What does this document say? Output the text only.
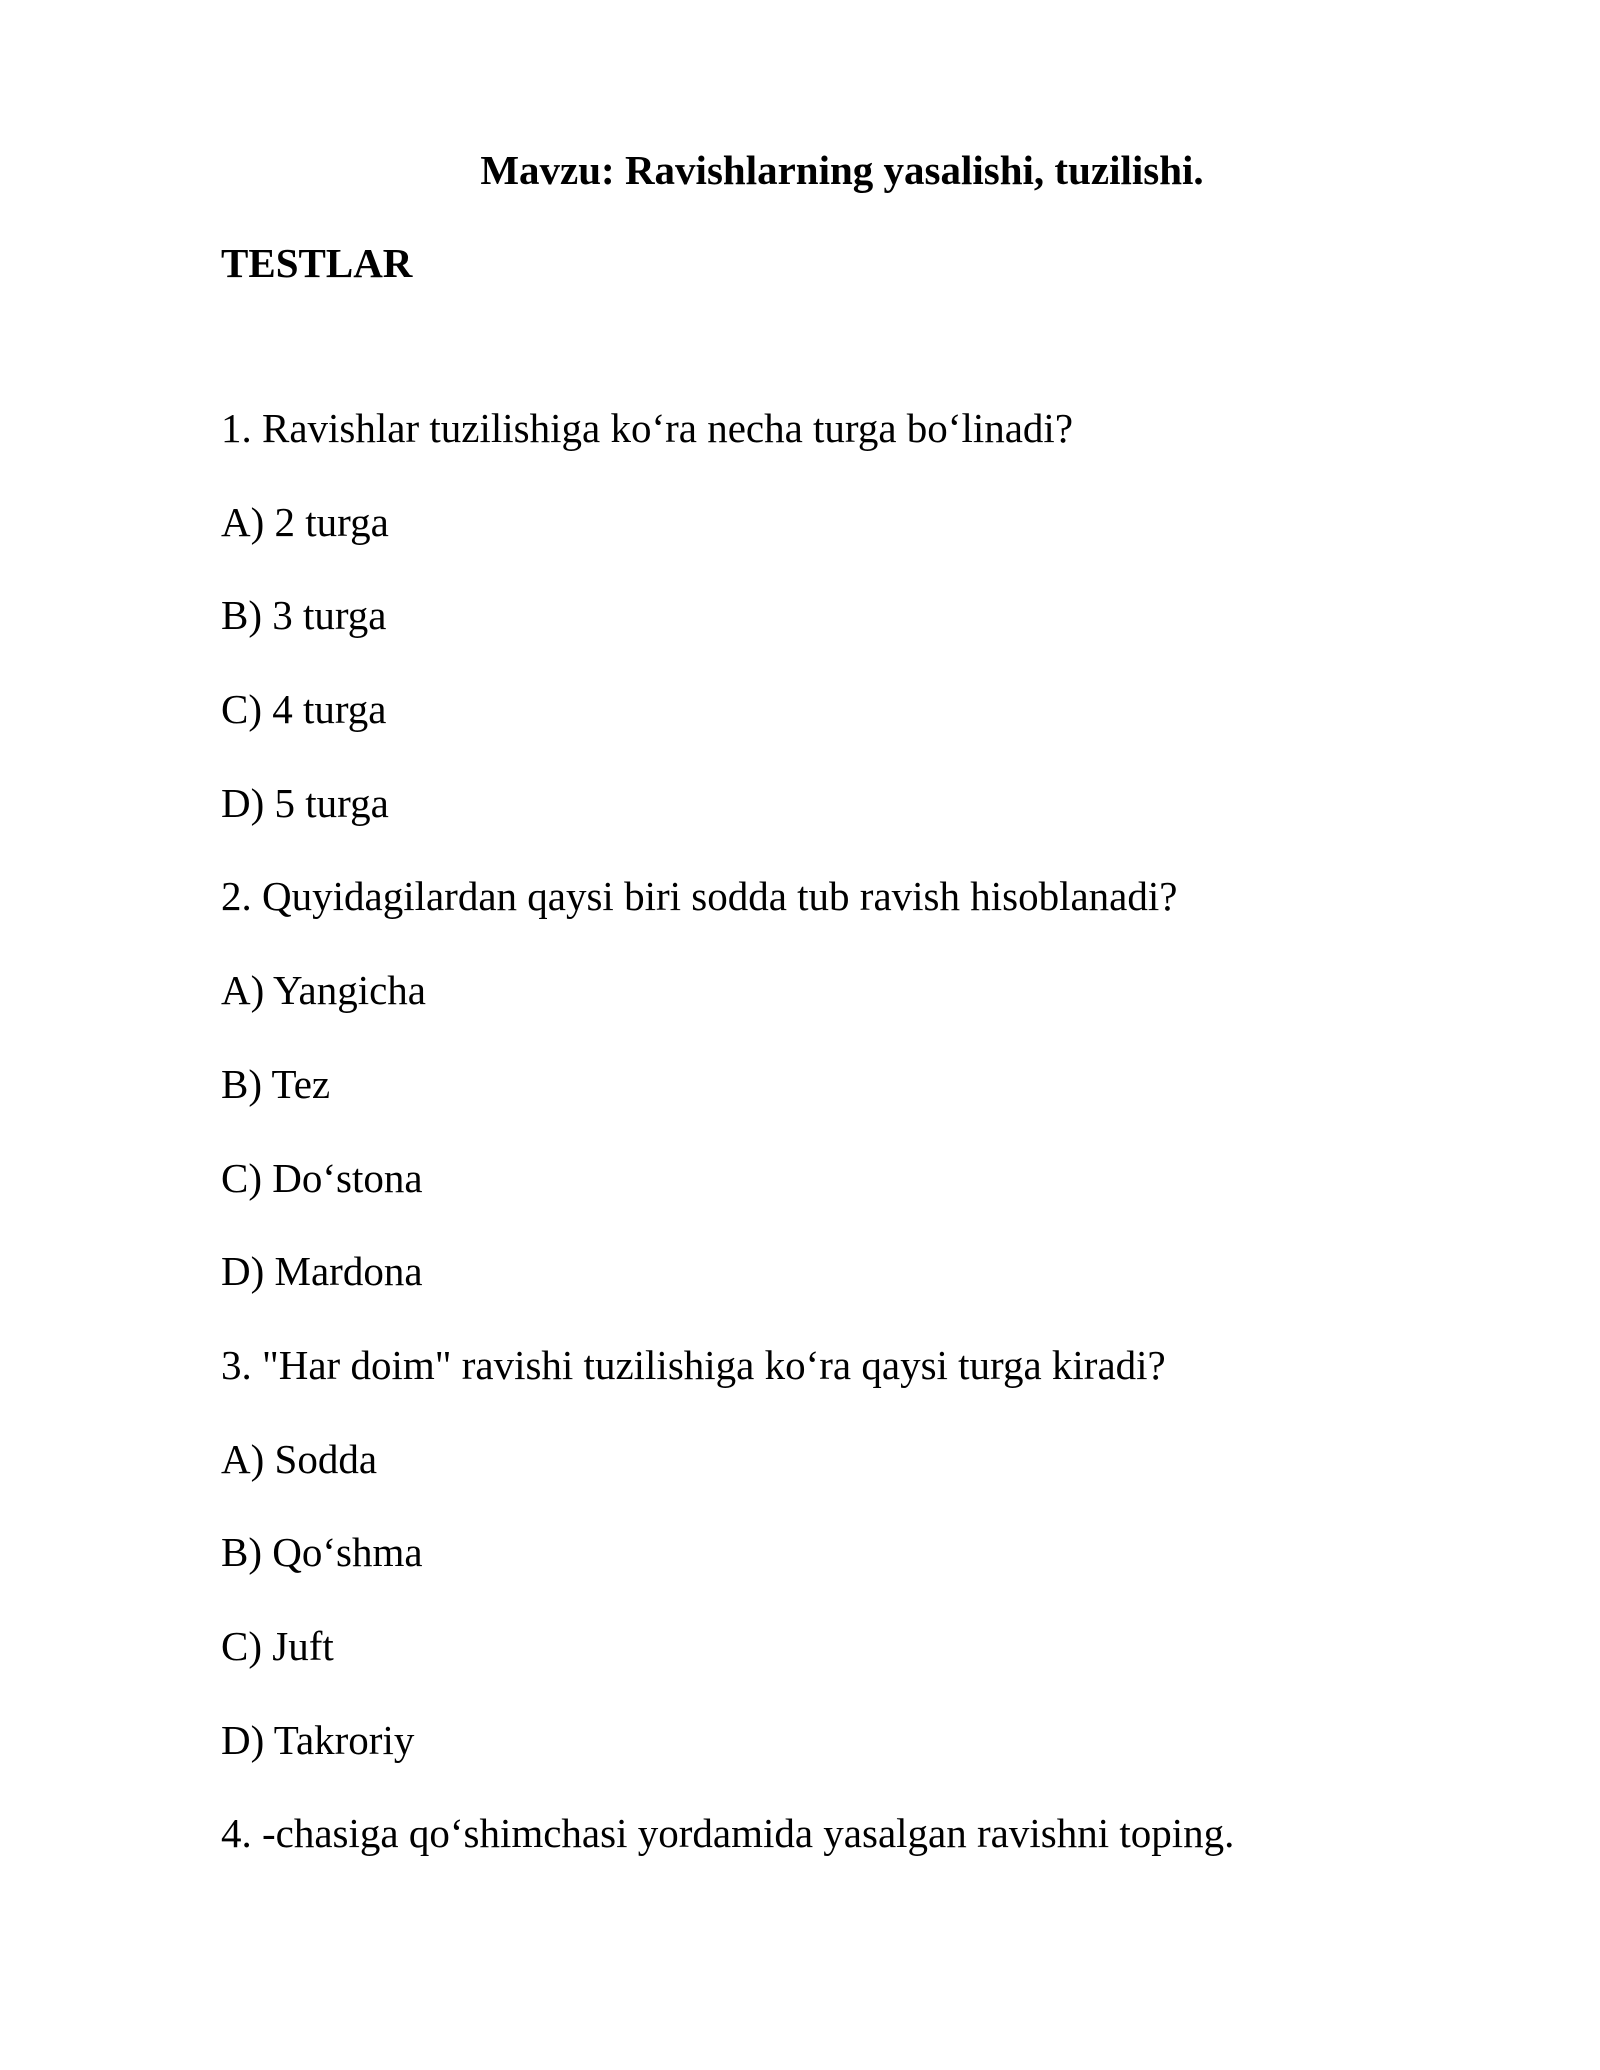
Mavzu: Ravishlarning yasalishi, tuzilishi.
TESTLAR
1. Ravishlar tuzilishiga ko‘ra necha turga bo‘linadi?
A) 2 turga
B) 3 turga
C) 4 turga
D) 5 turga
2. Quyidagilardan qaysi biri sodda tub ravish hisoblanadi?
A) Yangicha
B) Tez
C) Do‘stona
D) Mardona
3. "Har doim" ravishi tuzilishiga ko‘ra qaysi turga kiradi?
A) Sodda
B) Qo‘shma
C) Juft
D) Takroriy
4. -chasiga qo‘shimchasi yordamida yasalgan ravishni toping.
